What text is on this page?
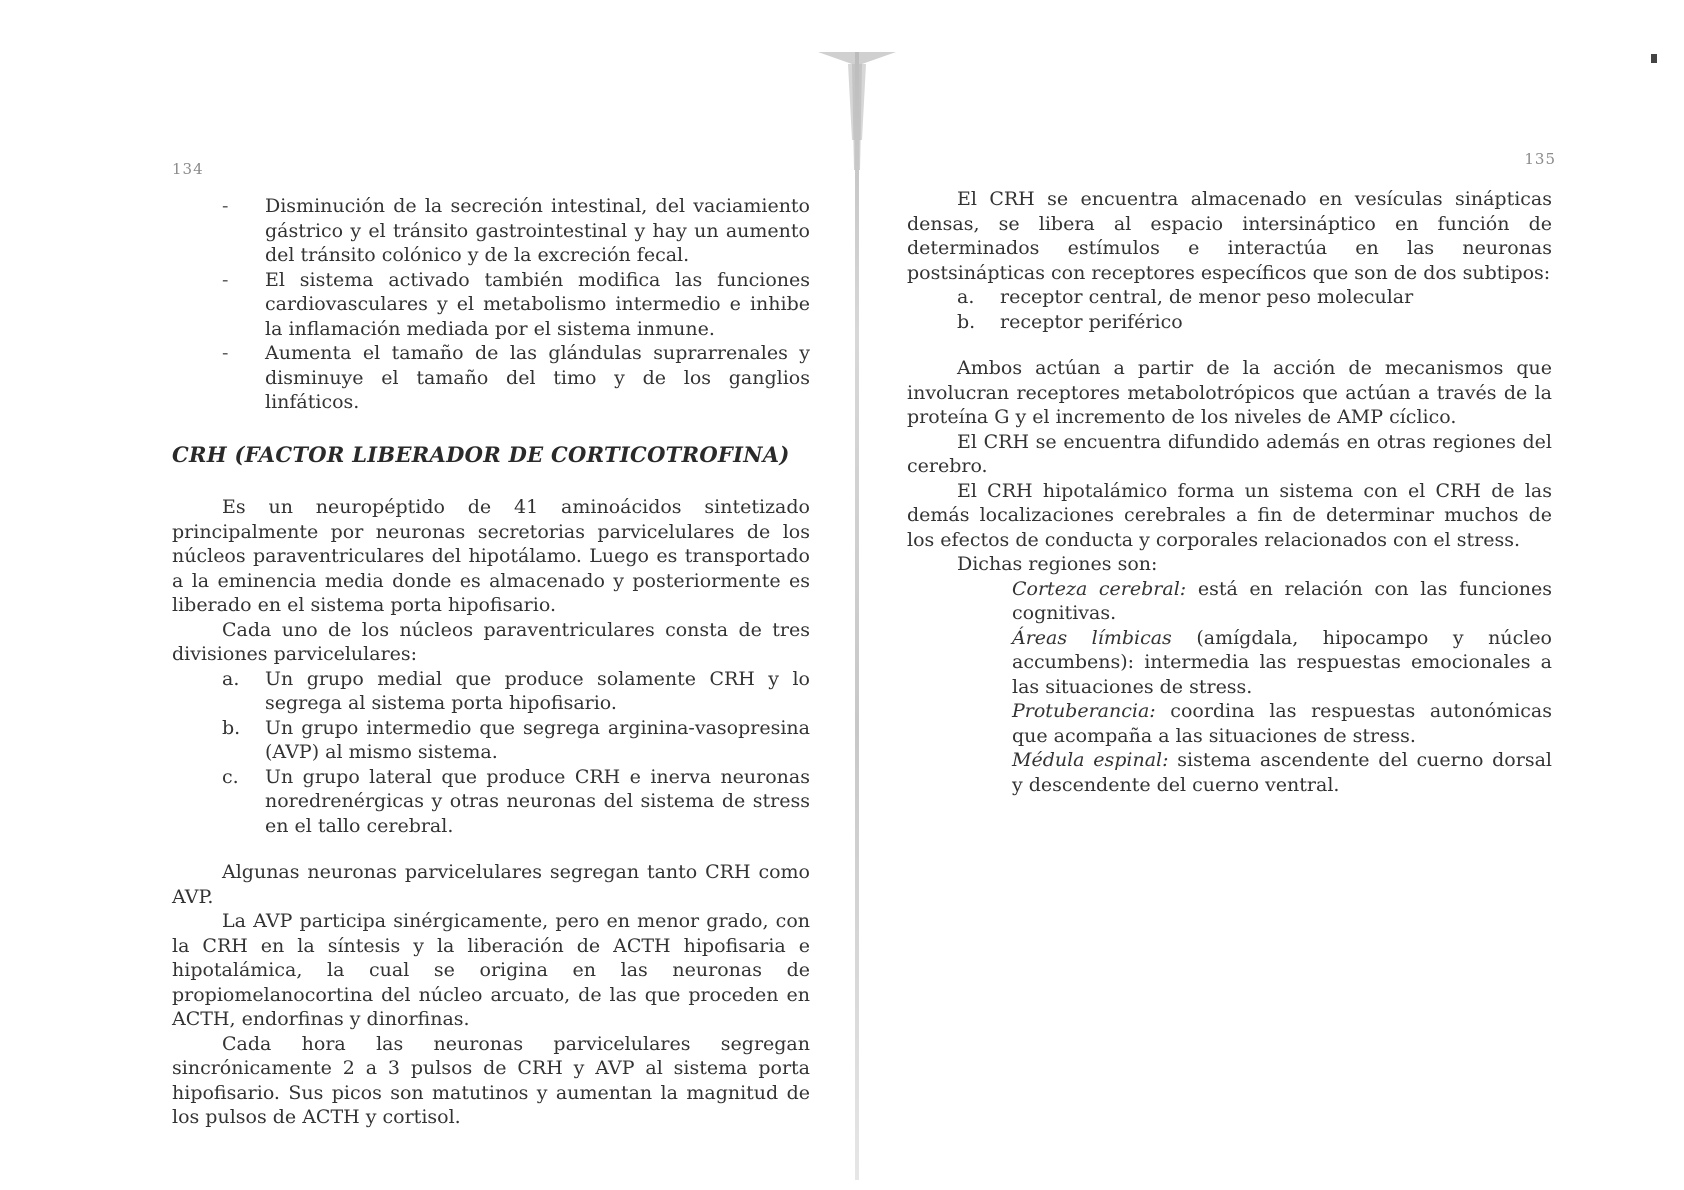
134
- Disminución de la secreción intestinal, del vaciamiento gástrico y el tránsito gastrointestinal y hay un aumento del tránsito colónico y de la excreción fecal.
- El sistema activado también modifica las funciones cardiovasculares y el metabolismo intermedio e inhibe la inflamación mediada por el sistema inmune.
- Aumenta el tamaño de las glándulas suprarrenales y disminuye el tamaño del timo y de los ganglios linfáticos.
CRH (FACTOR LIBERADOR DE CORTICOTROFINA)

Es un neuropéptido de 41 aminoácidos sintetizado principalmente por neuronas secretorias parvicelulares de los núcleos paraventriculares del hipotálamo. Luego es transportado a la eminencia media donde es almacenado y posteriormente es liberado en el sistema porta hipofisario.

Cada uno de los núcleos paraventriculares consta de tres divisiones parvicelulares:

a. Un grupo medial que produce solamente CRH y lo segrega al sistema porta hipofisario.
b. Un grupo intermedio que segrega arginina-vasopresina (AVP) al mismo sistema.
c. Un grupo lateral que produce CRH e inerva neuronas noredrenérgicas y otras neuronas del sistema de stress en el tallo cerebral.

Algunas neuronas parvicelulares segregan tanto CRH como AVP.

La AVP participa sinérgicamente, pero en menor grado, con la CRH en la síntesis y la liberación de ACTH hipofisaria e hipotalámica, la cual se origina en las neuronas de propiomelanocortina del núcleo arcuato, de las que proceden en ACTH, endorfinas y dinorfinas.

Cada hora las neuronas parvicelulares segregan sincrónicamente 2 a 3 pulsos de CRH y AVP al sistema porta hipofisario. Sus picos son matutinos y aumentan la magnitud de los pulsos de ACTH y cortisol.

135

El CRH se encuentra almacenado en vesículas sinápticas densas, se libera al espacio intersináptico en función de determinados estímulos e interactúa en las neuronas postsinápticas con receptores específicos que son de dos subtipos:

a. receptor central, de menor peso molecular
b. receptor periférico

Ambos actúan a partir de la acción de mecanismos que involucran receptores metabolotrópicos que actúan a través de la proteína G y el incremento de los niveles de AMP cíclico.

El CRH se encuentra difundido además en otras regiones del cerebro.

El CRH hipotalámico forma un sistema con el CRH de las demás localizaciones cerebrales a fin de determinar muchos de los efectos de conducta y corporales relacionados con el stress.

Dichas regiones son:

Corteza cerebral: está en relación con las funciones cognitivas.
Áreas límbicas (amígdala, hipocampo y núcleo accumbens): intermedia las respuestas emocionales a las situaciones de stress.
Protuberancia: coordina las respuestas autonómicas que acompaña a las situaciones de stress.
Médula espinal: sistema ascendente del cuerno dorsal y descendente del cuerno ventral.
